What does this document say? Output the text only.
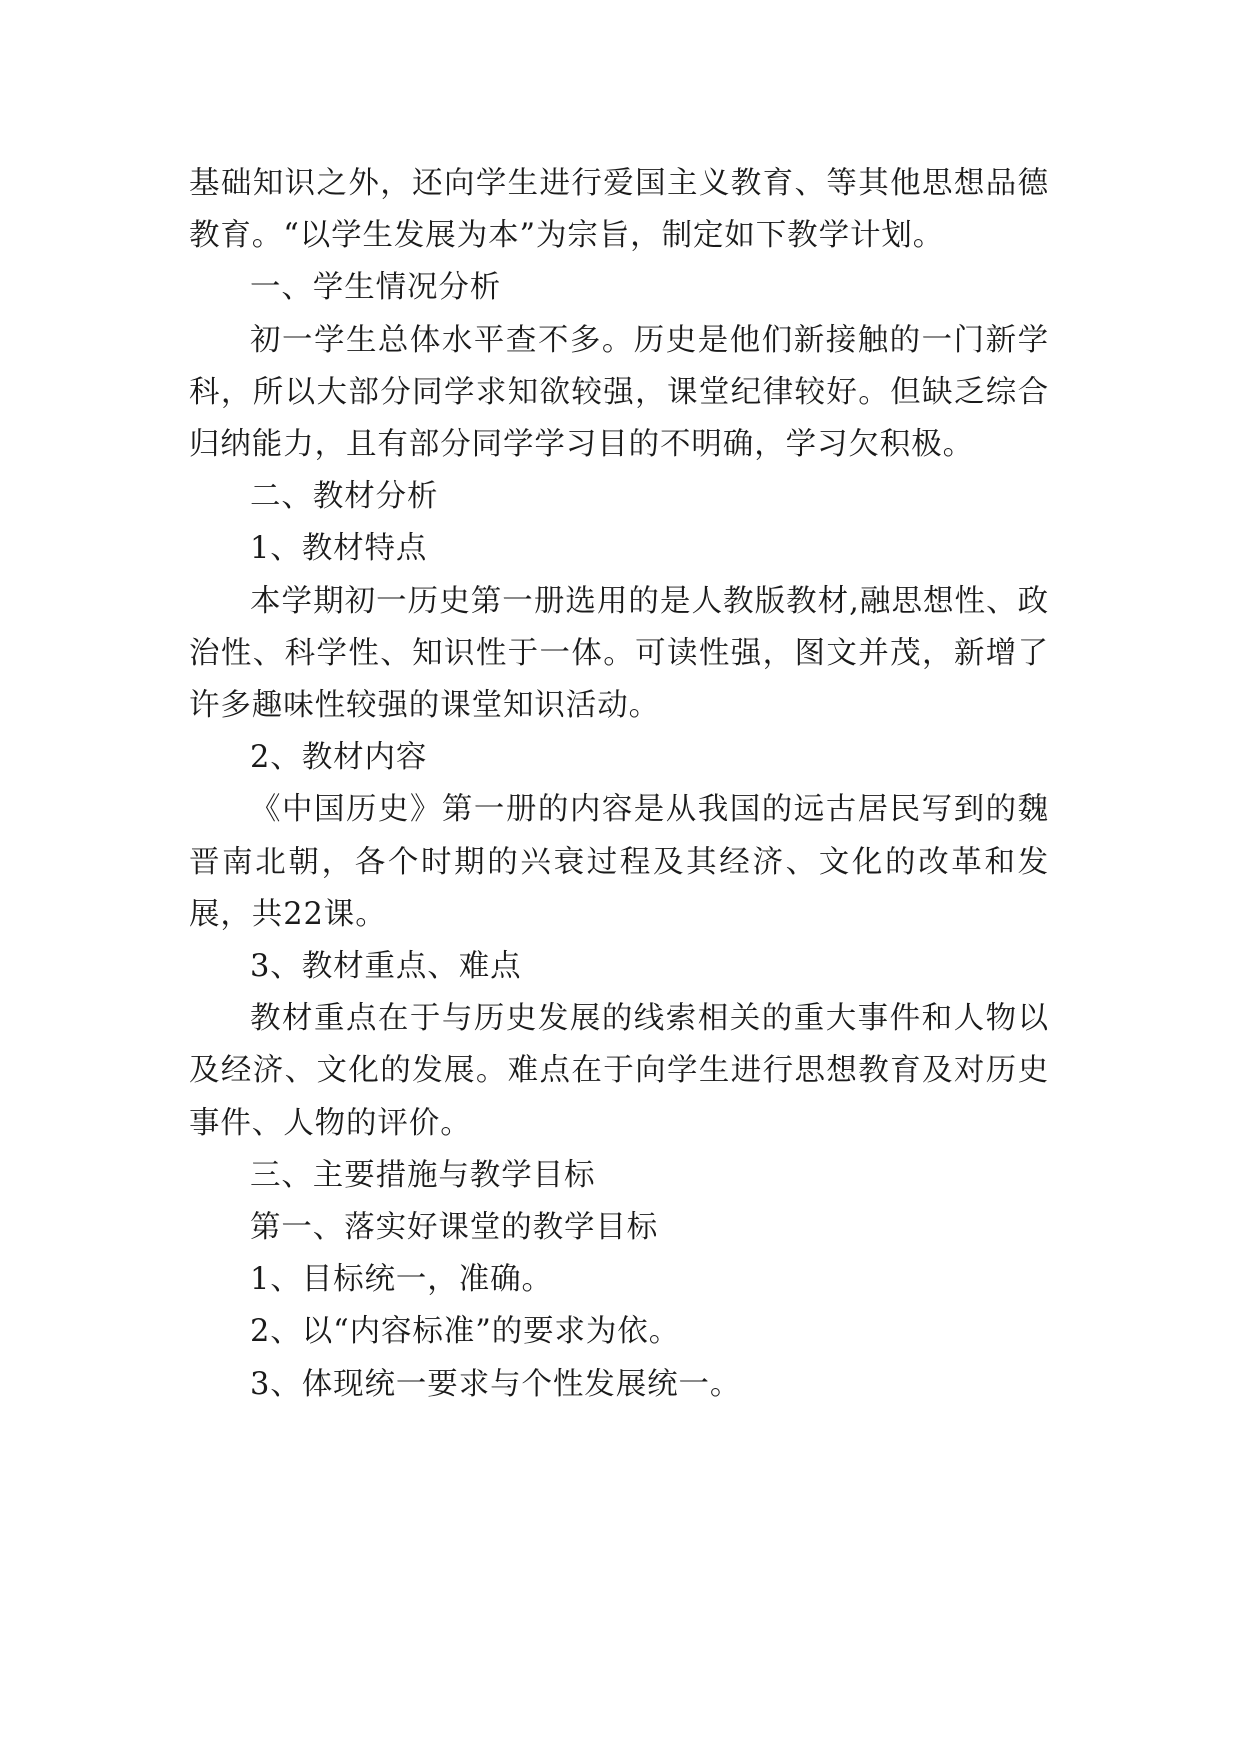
基础知识之外，还向学生进行爱国主义教育、等其他思想品德教育。“以学生发展为本”为宗旨，制定如下教学计划。

一、学生情况分析

初一学生总体水平查不多。历史是他们新接触的一门新学科，所以大部分同学求知欲较强，课堂纪律较好。但缺乏综合归纳能力，且有部分同学学习目的不明确，学习欠积极。

二、教材分析

1、教材特点

本学期初一历史第一册选用的是人教版教材,融思想性、政治性、科学性、知识性于一体。可读性强，图文并茂，新增了许多趣味性较强的课堂知识活动。

2、教材内容

《中国历史》第一册的内容是从我国的远古居民写到的魏晋南北朝，各个时期的兴衰过程及其经济、文化的改革和发展，共22课。

3、教材重点、难点

教材重点在于与历史发展的线索相关的重大事件和人物以及经济、文化的发展。难点在于向学生进行思想教育及对历史事件、人物的评价。

三、主要措施与教学目标

第一、落实好课堂的教学目标

1、目标统一，准确。

2、以“内容标准”的要求为依。

3、体现统一要求与个性发展统一。
